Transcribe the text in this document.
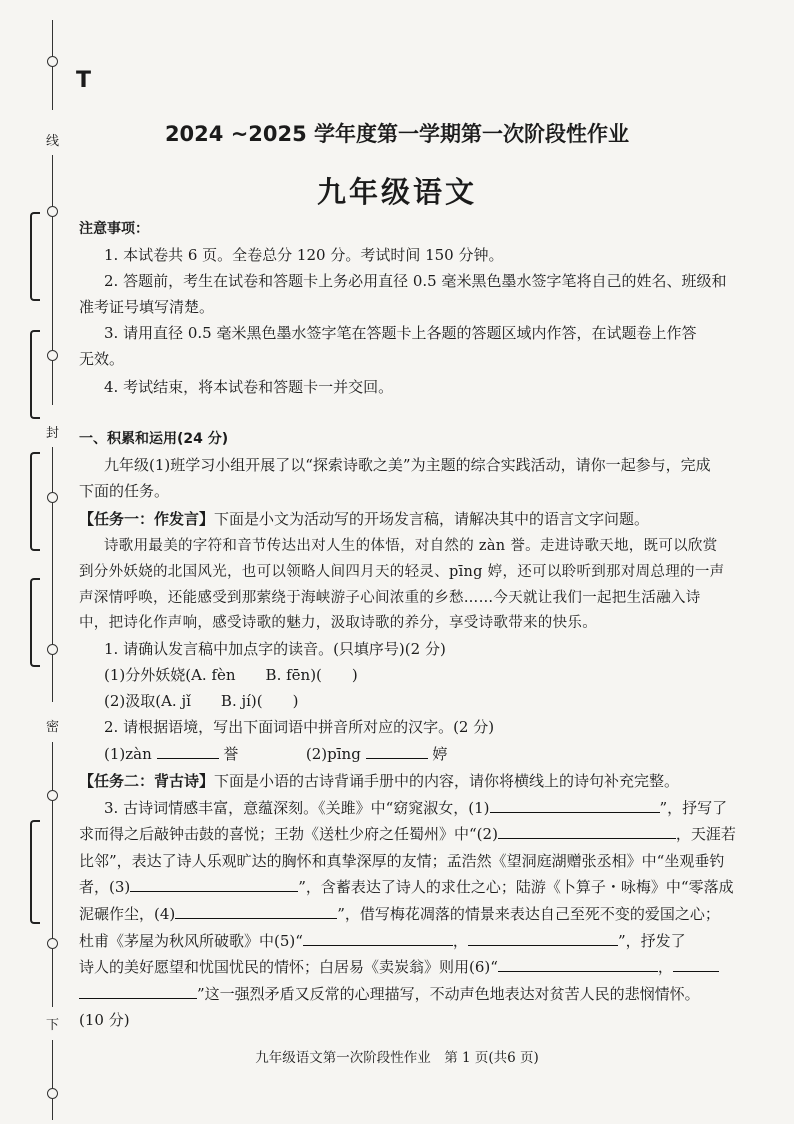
线
封
密
下
T
2024 ~2025 学年度第一学期第一次阶段性作业
九年级语文
注意事项：
1. 本试卷共 6 页。全卷总分 120 分。考试时间 150 分钟。
2. 答题前，考生在试卷和答题卡上务必用直径 0.5 毫米黑色墨水签字笔将自己的姓名、班级和
准考证号填写清楚。
3. 请用直径 0.5 毫米黑色墨水签字笔在答题卡上各题的答题区域内作答，在试题卷上作答
无效。
4. 考试结束，将本试卷和答题卡一并交回。
一、积累和运用(24 分)
九年级(1)班学习小组开展了以“探索诗歌之美”为主题的综合实践活动，请你一起参与，完成
下面的任务。
【任务一：作发言】下面是小文为活动写的开场发言稿，请解决其中的语言文字问题。
诗歌用最美的字符和音节传达出对人生的体悟，对自然的 zàn 誉。走进诗歌天地，既可以欣赏
到分外妖娆的北国风光，也可以领略人间四月天的轻灵、pīng 婷，还可以聆听到那对周总理的一声
声深情呼唤，还能感受到那萦绕于海峡游子心间浓重的乡愁……今天就让我们一起把生活融入诗
中，把诗化作声响，感受诗歌的魅力，汲取诗歌的养分，享受诗歌带来的快乐。
1. 请确认发言稿中加点字的读音。(只填序号)(2 分)
(1)分外妖娆(A. fèn　　B. fēn)(　　)
(2)汲取(A. jǐ　　B. jí)(　　)
2. 请根据语境，写出下面词语中拼音所对应的汉字。(2 分)
(1)zàn	誉	(2)pīng	婷
【任务二：背古诗】下面是小语的古诗背诵手册中的内容，请你将横线上的诗句补充完整。
3. 古诗词情感丰富，意蕴深刻。《关雎》中“窈窕淑女，(1)	”，抒写了
求而得之后敲钟击鼓的喜悦；王勃《送杜少府之任蜀州》中“(2)	，天涯若
比邻”，表达了诗人乐观旷达的胸怀和真挚深厚的友情；孟浩然《望洞庭湖赠张丞相》中“坐观垂钓
者，(3)	”，含蓄表达了诗人的求仕之心；陆游《卜算子・咏梅》中“零落成
泥碾作尘，(4)	”，借写梅花凋落的情景来表达自己至死不变的爱国之心；
杜甫《茅屋为秋风所破歌》中(5)“	，	”，抒发了
诗人的美好愿望和忧国忧民的情怀；白居易《卖炭翁》则用(6)“	，
”这一强烈矛盾又反常的心理描写，不动声色地表达对贫苦人民的悲悯情怀。
(10 分)
九年级语文第一次阶段性作业　第 1 页(共6 页)
